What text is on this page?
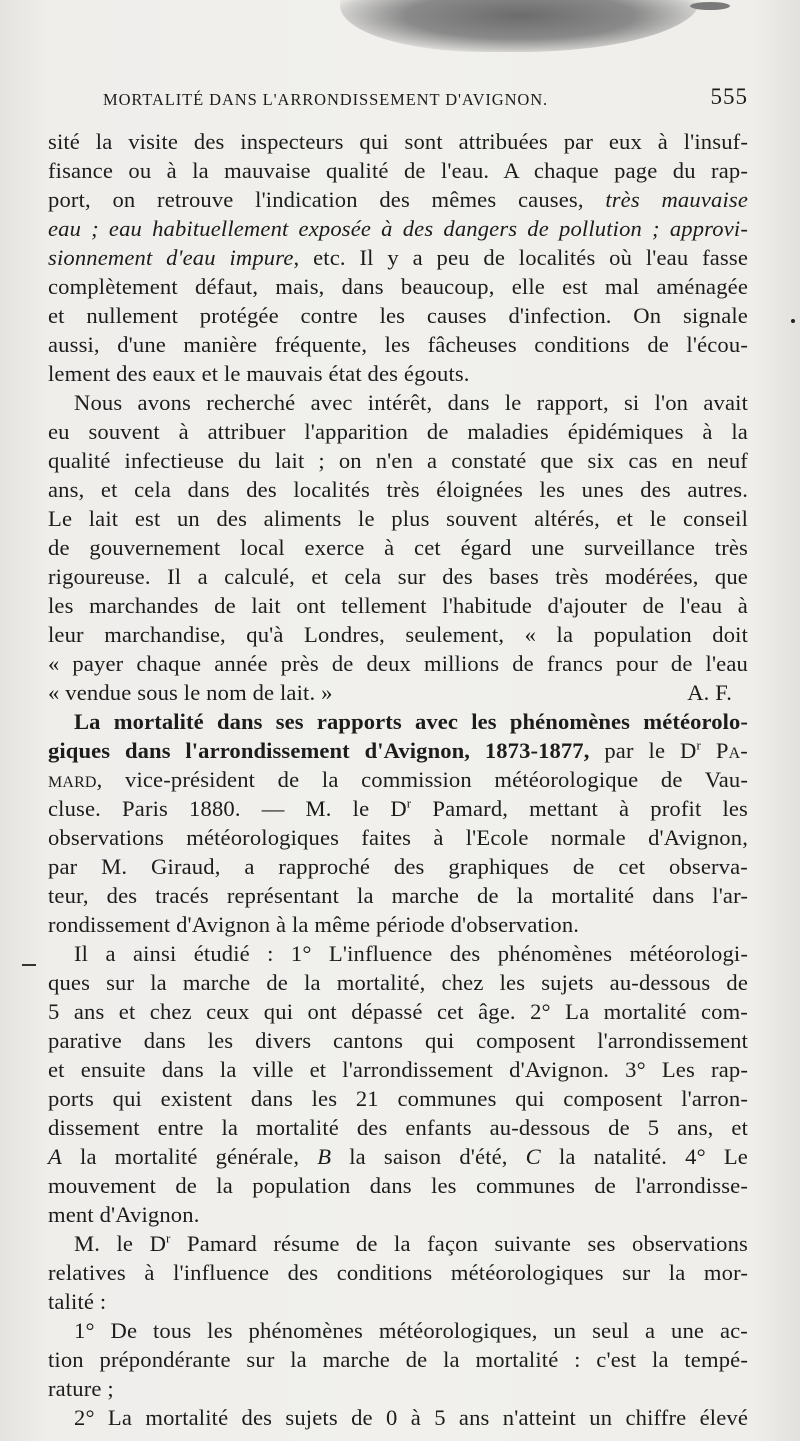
MORTALITÉ DANS L'ARRONDISSEMENT D'AVIGNON.	555
sité la visite des inspecteurs qui sont attribuées par eux à l'insuf-
fisance ou à la mauvaise qualité de l'eau. A chaque page du rap-
port, on retrouve l'indication des mêmes causes, très mauvaise
eau ; eau habituellement exposée à des dangers de pollution ; approvi-
sionnement d'eau impure, etc. Il y a peu de localités où l'eau fasse
complètement défaut, mais, dans beaucoup, elle est mal aménagée
et nullement protégée contre les causes d'infection. On signale
aussi, d'une manière fréquente, les fâcheuses conditions de l'écou-
lement des eaux et le mauvais état des égouts.
Nous avons recherché avec intérêt, dans le rapport, si l'on avait
eu souvent à attribuer l'apparition de maladies épidémiques à la
qualité infectieuse du lait ; on n'en a constaté que six cas en neuf
ans, et cela dans des localités très éloignées les unes des autres.
Le lait est un des aliments le plus souvent altérés, et le conseil
de gouvernement local exerce à cet égard une surveillance très
rigoureuse. Il a calculé, et cela sur des bases très modérées, que
les marchandes de lait ont tellement l'habitude d'ajouter de l'eau à
leur marchandise, qu'à Londres, seulement, « la population doit
« payer chaque année près de deux millions de francs pour de l'eau
« vendue sous le nom de lait. »	A. F.
La mortalité dans ses rapports avec les phénomènes météorolo-
giques dans l'arrondissement d'Avignon, 1873-1877, par le $D^r$ Pa-
mard, vice-président de la commission météorologique de Vau-
cluse. Paris 1880. — M. le $D^r$ Pamard, mettant à profit les
observations météorologiques faites à l'Ecole normale d'Avignon,
par M. Giraud, a rapproché des graphiques de cet observa-
teur, des tracés représentant la marche de la mortalité dans l'ar-
rondissement d'Avignon à la même période d'observation.
Il a ainsi étudié : 1° L'influence des phénomènes météorologi-
ques sur la marche de la mortalité, chez les sujets au-dessous de
5 ans et chez ceux qui ont dépassé cet âge. 2° La mortalité com-
parative dans les divers cantons qui composent l'arrondissement
et ensuite dans la ville et l'arrondissement d'Avignon. 3° Les rap-
ports qui existent dans les 21 communes qui composent l'arron-
dissement entre la mortalité des enfants au-dessous de 5 ans, et
A la mortalité générale, B la saison d'été, C la natalité. 4° Le
mouvement de la population dans les communes de l'arrondisse-
ment d'Avignon.
M. le $D^r$ Pamard résume de la façon suivante ses observations
relatives à l'influence des conditions météorologiques sur la mor-
talité :
1° De tous les phénomènes météorologiques, un seul a une ac-
tion prépondérante sur la marche de la mortalité : c'est la tempé-
rature ;
2° La mortalité des sujets de 0 à 5 ans n'atteint un chiffre élevé
